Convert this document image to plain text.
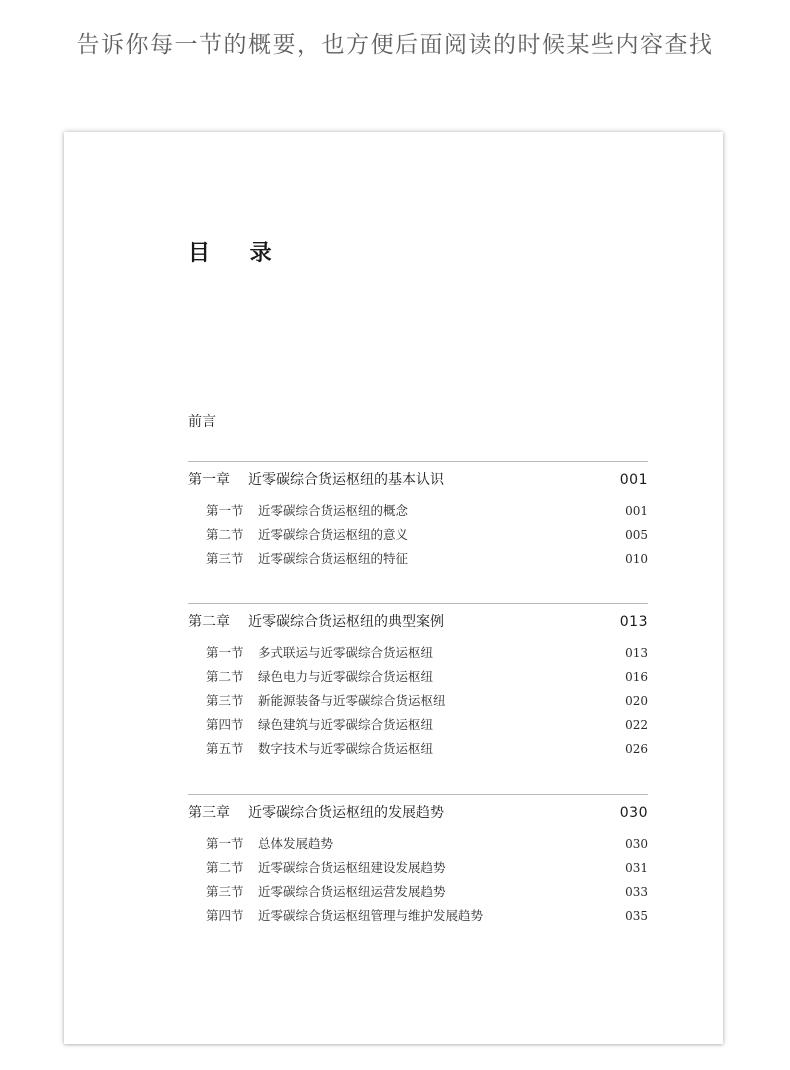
告诉你每一节的概要，也方便后面阅读的时候某些内容查找
目 录
前言
第一章 近零碳综合货运枢纽的基本认识	001
第一节 近零碳综合货运枢纽的概念	001
第二节 近零碳综合货运枢纽的意义	005
第三节 近零碳综合货运枢纽的特征	010
第二章 近零碳综合货运枢纽的典型案例	013
第一节 多式联运与近零碳综合货运枢纽	013
第二节 绿色电力与近零碳综合货运枢纽	016
第三节 新能源装备与近零碳综合货运枢纽	020
第四节 绿色建筑与近零碳综合货运枢纽	022
第五节 数字技术与近零碳综合货运枢纽	026
第三章 近零碳综合货运枢纽的发展趋势	030
第一节 总体发展趋势	030
第二节 近零碳综合货运枢纽建设发展趋势	031
第三节 近零碳综合货运枢纽运营发展趋势	033
第四节 近零碳综合货运枢纽管理与维护发展趋势	035
